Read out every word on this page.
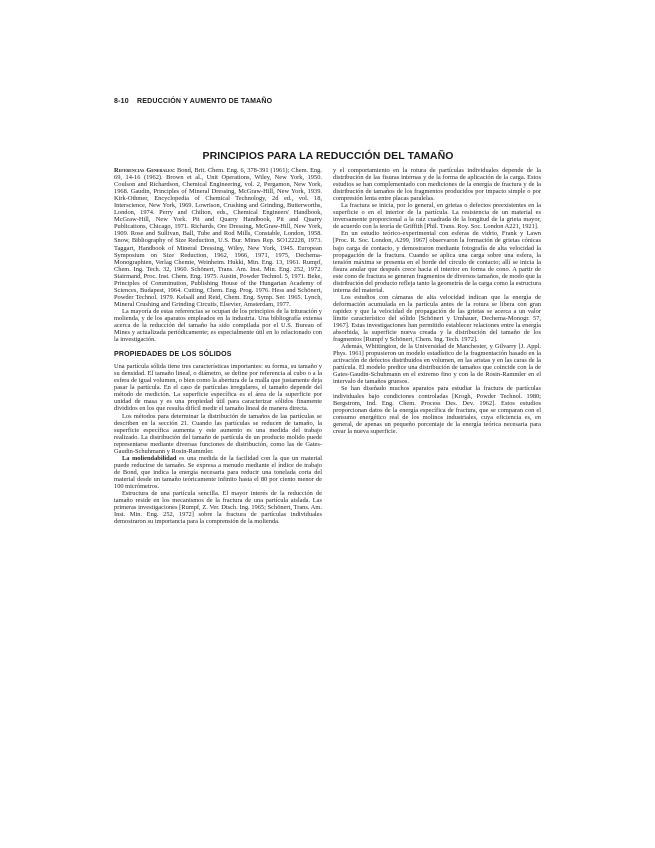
8-10 REDUCCIÓN Y AUMENTO DE TAMAÑO
PRINCIPIOS PARA LA REDUCCIÓN DEL TAMAÑO

Referencias Generales: Bond, Brit. Chem. Eng. 6, 378-391 (1961); Chem. Eng. 69, 14-16 (1962). Brown et al., Unit Operations, Wiley, New York, 1950. Coulson and Richardson, Chemical Engineering, vol. 2, Pergamon, New York, 1968. Gaudin, Principles of Mineral Dressing, McGraw-Hill, New York, 1939. Kirk-Othmer, Encyclopedia of Chemical Technology, 2d ed., vol. 18, Interscience, New York, 1969. Lowrison, Crushing and Grinding, Butterworths, London, 1974. Perry and Chilton, eds., Chemical Engineers' Handbook, McGraw-Hill, New York. Pit and Quarry Handbook, Pit and Quarry Publications, Chicago, 1971. Richards, Ore Dressing, McGraw-Hill, New York, 1909. Rose and Sullivan, Ball, Tube and Rod Mills, Constable, London, 1958. Snow, Bibliography of Size Reduction, U.S. Bur. Mines Rep. SO122228, 1973. Taggart, Handbook of Mineral Dressing, Wiley, New York, 1945. European Symposium on Size Reduction, 1962, 1966, 1971, 1975, Dechema-Monographien, Verlag Chemie, Weinheim. Hukki, Min. Eng. 13, 1961. Rumpf, Chem. Ing. Tech. 32, 1960. Schönert, Trans. Am. Inst. Min. Eng. 252, 1972. Stairmand, Proc. Inst. Chem. Eng. 1975. Austin, Powder Technol. 5, 1971. Beke, Principles of Comminution, Publishing House of the Hungarian Academy of Sciences, Budapest, 1964. Cutting, Chem. Eng. Prog. 1976. Hess and Schönert, Powder Technol. 1979. Kelsall and Reid, Chem. Eng. Symp. Ser. 1965. Lynch, Mineral Crushing and Grinding Circuits, Elsevier, Amsterdam, 1977.

La mayoría de estas referencias se ocupan de los principios de la trituración y molienda, y de los aparatos empleados en la industria. Una bibliografía extensa acerca de la reducción del tamaño ha sido compilada por el U.S. Bureau of Mines y actualizada periódicamente; es especialmente útil en lo relacionado con la investigación.

PROPIEDADES DE LOS SÓLIDOS

Una partícula sólida tiene tres características importantes: su forma, su tamaño y su densidad. El tamaño lineal, o diámetro, se define por referencia al cubo o a la esfera de igual volumen, o bien como la abertura de la malla que justamente deja pasar la partícula. En el caso de partículas irregulares, el tamaño depende del método de medición. La superficie específica es el área de la superficie por unidad de masa y es una propiedad útil para caracterizar sólidos finamente divididos en los que resulta difícil medir el tamaño lineal de manera directa.

Los métodos para determinar la distribución de tamaños de las partículas se describen en la sección 21. Cuando las partículas se reducen de tamaño, la superficie específica aumenta y este aumento es una medida del trabajo realizado. La distribución del tamaño de partícula de un producto molido puede representarse mediante diversas funciones de distribución, como las de Gates-Gaudin-Schuhmann y Rosin-Rammler.

La moliendabilidad es una medida de la facilidad con la que un material puede reducirse de tamaño. Se expresa a menudo mediante el índice de trabajo de Bond, que indica la energía necesaria para reducir una tonelada corta del material desde un tamaño teóricamente infinito hasta el 80 por ciento menor de 100 micrómetros.

Estructura de una partícula sencilla. El mayor interés de la reducción de tamaño reside en los mecanismos de la fractura de una partícula aislada. Las primeras investigaciones [Rumpf, Z. Ver. Dtsch. Ing. 1965; Schönert, Trans. Am. Inst. Min. Eng. 252, 1972] sobre la fractura de partículas individuales demostraron su importancia para la comprensión de la molienda.

y el comportamiento en la rotura de partículas individuales depende de la distribución de las fisuras internas y de la forma de aplicación de la carga. Estos estudios se han complementado con mediciones de la energía de fractura y de la distribución de tamaños de los fragmentos producidos por impacto simple o por compresión lenta entre placas paralelas.

La fractura se inicia, por lo general, en grietas o defectos preexistentes en la superficie o en el interior de la partícula. La resistencia de un material es inversamente proporcional a la raíz cuadrada de la longitud de la grieta mayor, de acuerdo con la teoría de Griffith [Phil. Trans. Roy. Soc. London A221, 1921].

En un estudio teórico-experimental con esferas de vidrio, Frank y Lawn [Proc. R. Soc. London, A299, 1967] observaron la formación de grietas cónicas bajo carga de contacto, y demostraron mediante fotografía de alta velocidad la propagación de la fractura. Cuando se aplica una carga sobre una esfera, la tensión máxima se presenta en el borde del círculo de contacto; allí se inicia la fisura anular que después crece hacia el interior en forma de cono. A partir de este cono de fractura se generan fragmentos de diversos tamaños, de modo que la distribución del producto refleja tanto la geometría de la carga como la estructura interna del material.

Los estudios con cámaras de alta velocidad indican que la energía de deformación acumulada en la partícula antes de la rotura se libera con gran rapidez y que la velocidad de propagación de las grietas se acerca a un valor límite característico del sólido [Schönert y Umhauer, Dechema-Monogr. 57, 1967]. Estas investigaciones han permitido establecer relaciones entre la energía absorbida, la superficie nueva creada y la distribución del tamaño de los fragmentos [Rumpf y Schönert, Chem. Ing. Tech. 1972].

Además, Whittington, de la Universidad de Manchester, y Gilvarry [J. Appl. Phys. 1961] propusieron un modelo estadístico de la fragmentación basado en la activación de defectos distribuidos en volumen, en las aristas y en las caras de la partícula. El modelo predice una distribución de tamaños que coincide con la de Gates-Gaudin-Schuhmann en el extremo fino y con la de Rosin-Rammler en el intervalo de tamaños gruesos.

Se han diseñado muchos aparatos para estudiar la fractura de partículas individuales bajo condiciones controladas [Krogh, Powder Technol. 1980; Bergstrom, Ind. Eng. Chem. Process Des. Dev. 1962]. Estos estudios proporcionan datos de la energía específica de fractura, que se comparan con el consumo energético real de los molinos industriales, cuya eficiencia es, en general, de apenas un pequeño porcentaje de la energía teórica necesaria para crear la nueva superficie.
